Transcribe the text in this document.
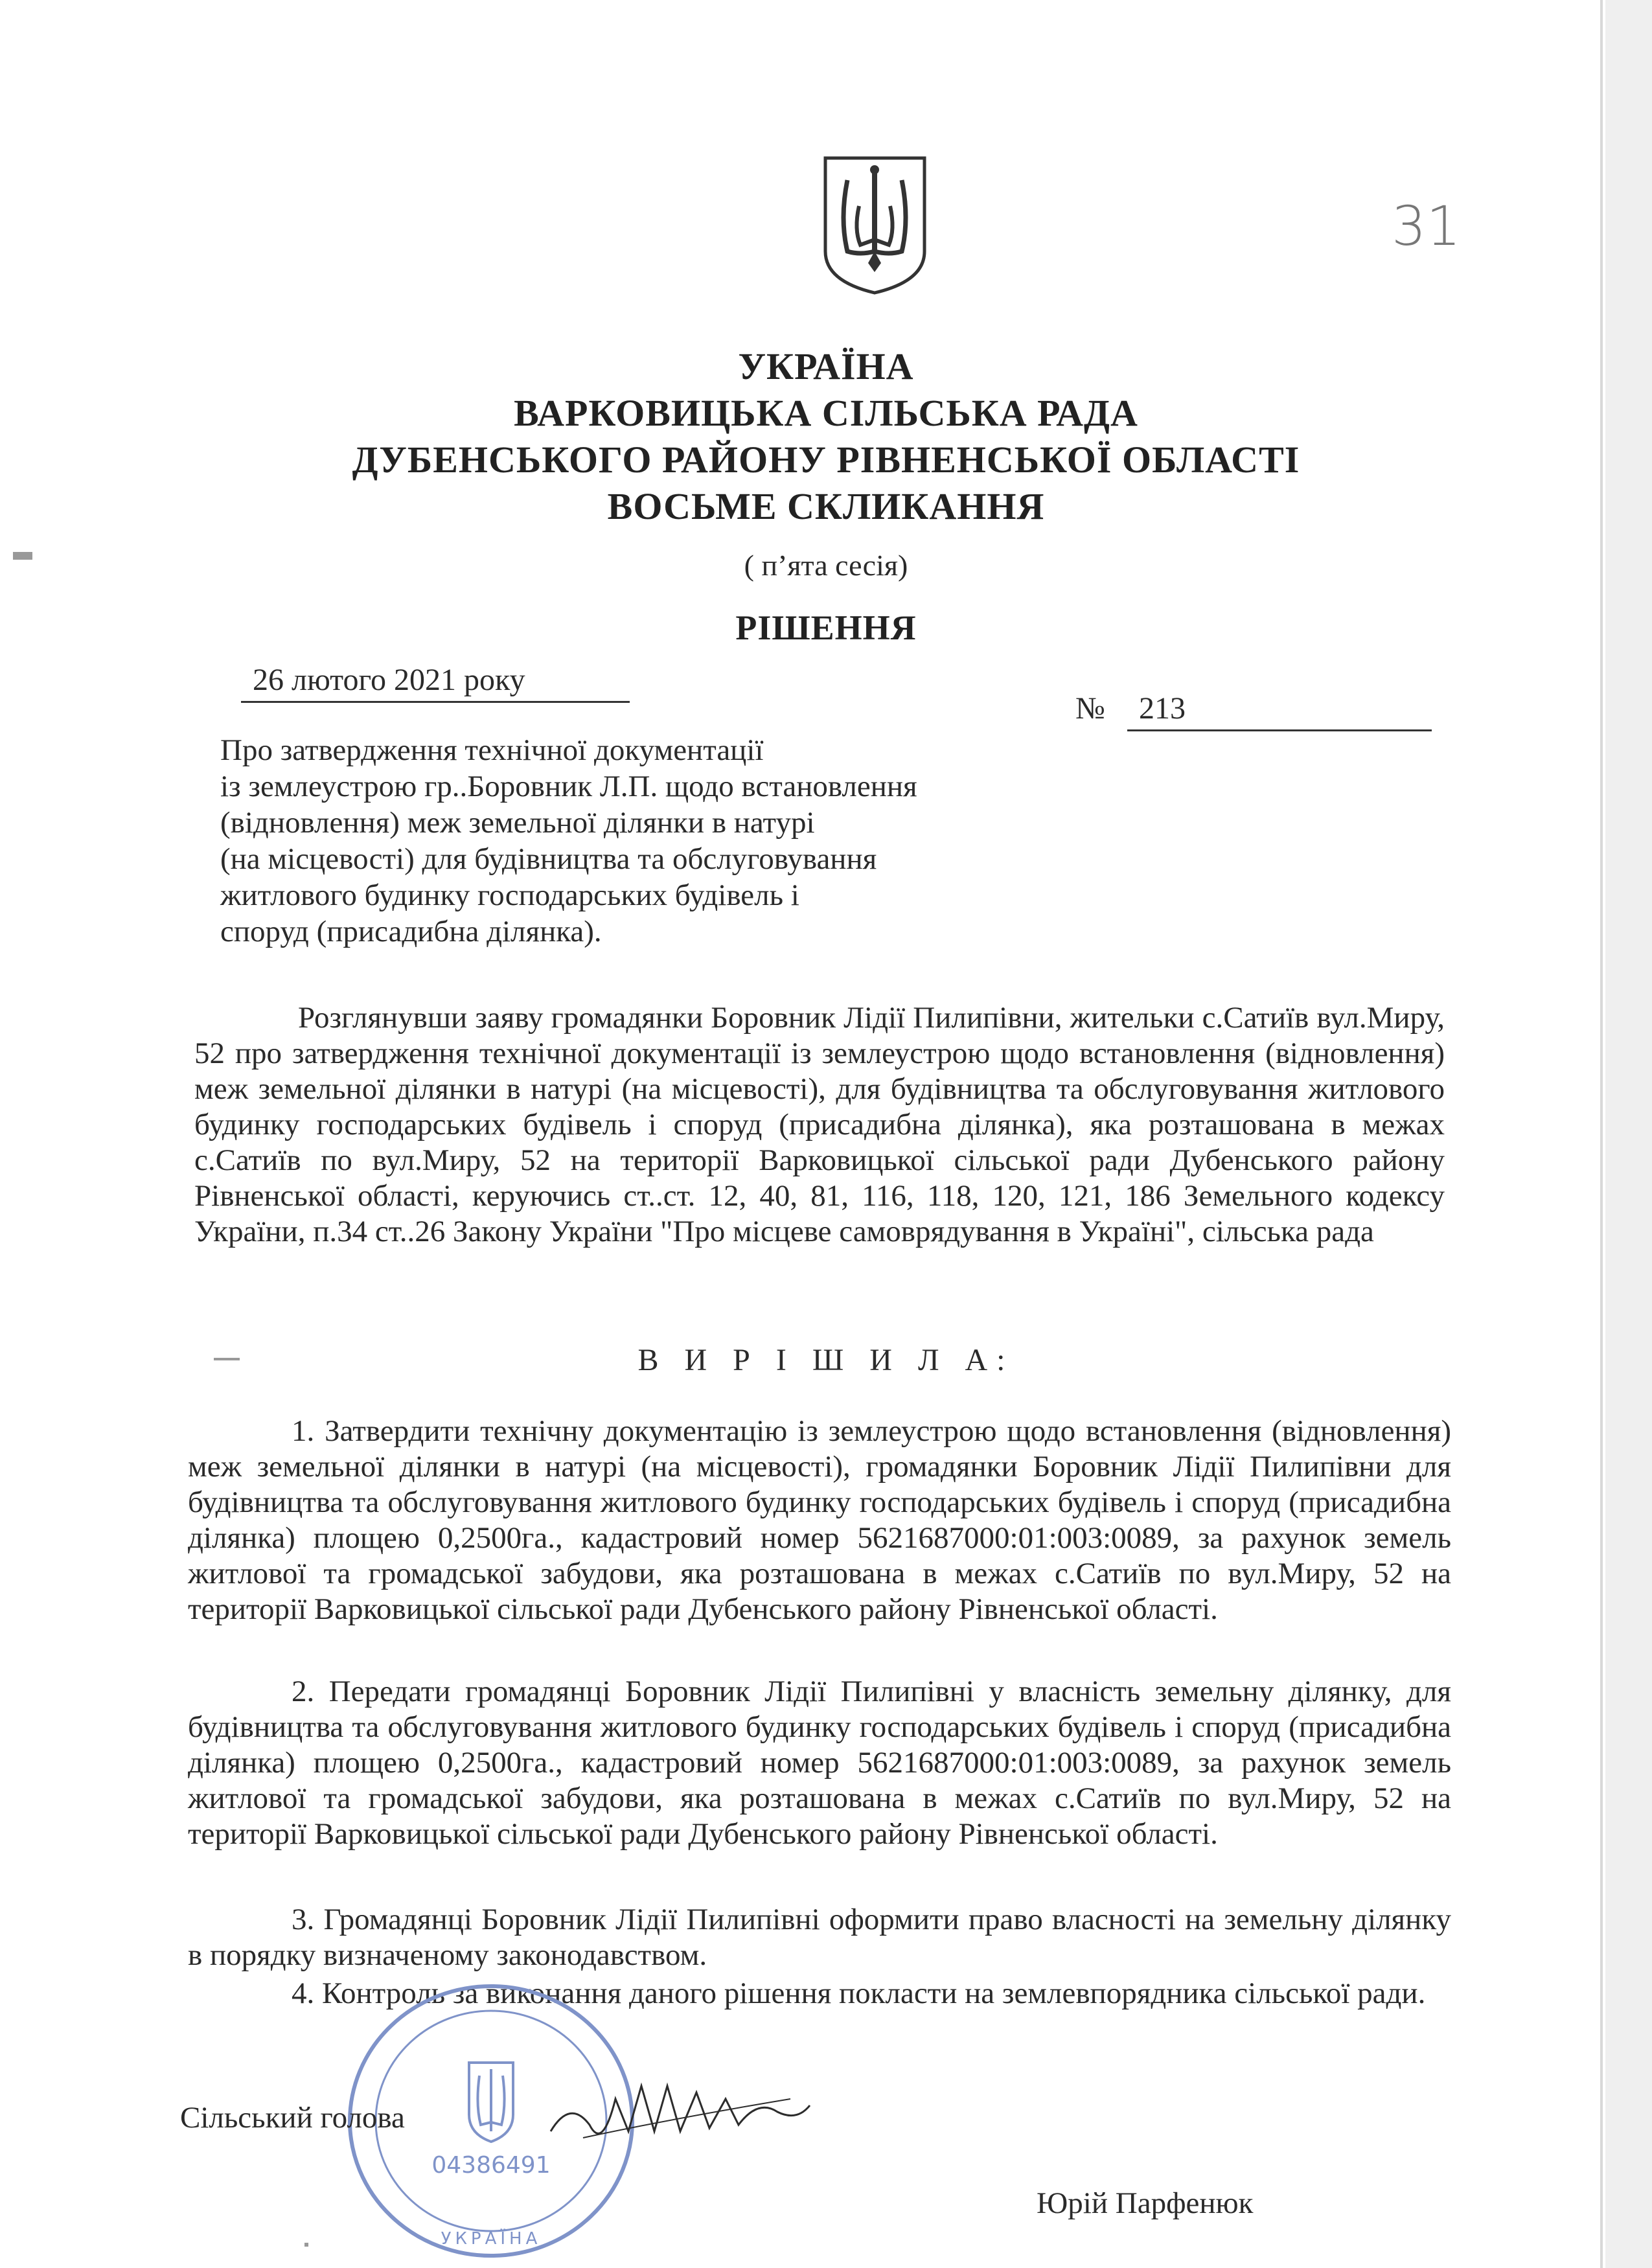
31
УКРАЇНА
ВАРКОВИЦЬКА СІЛЬСЬКА РАДА
ДУБЕНСЬКОГО РАЙОНУ РІВНЕНСЬКОЇ ОБЛАСТІ
ВОСЬМЕ СКЛИКАННЯ
( п’ята сесія)
РІШЕННЯ
26 лютого 2021 року
№ 213
Про затвердження технічної документації
із землеустрою гр..Боровник Л.П. щодо встановлення
(відновлення) меж земельної ділянки в натурі
(на місцевості) для будівництва та обслуговування
житлового будинку господарських будівель і
споруд (присадибна ділянка).
Розглянувши заяву громадянки Боровник Лідії Пилипівни, жительки с.Сатиїв вул.Миру, 52 про затвердження технічної документації із землеустрою щодо встановлення (відновлення) меж земельної ділянки в натурі (на місцевості), для будівництва та обслуговування житлового будинку господарських будівель і споруд (присадибна ділянка), яка розташована в межах с.Сатиїв по вул.Миру, 52 на території Варковицької сільської ради Дубенського району Рівненської області, керуючись ст..ст. 12, 40, 81, 116, 118, 120, 121, 186 Земельного кодексу України, п.34 ст..26 Закону України "Про місцеве самоврядування в Україні", сільська рада
В И Р І Ш И Л А:
1. Затвердити технічну документацію із землеустрою щодо встановлення (відновлення) меж земельної ділянки в натурі (на місцевості), громадянки Боровник Лідії Пилипівни для будівництва та обслуговування житлового будинку господарських будівель і споруд (присадибна ділянка) площею 0,2500га., кадастровий номер 5621687000:01:003:0089, за рахунок земель житлової та громадської забудови, яка розташована в межах с.Сатиїв по вул.Миру, 52 на території Варковицької сільської ради Дубенського району Рівненської області.
2. Передати громадянці Боровник Лідії Пилипівні у власність земельну ділянку, для будівництва та обслуговування житлового будинку господарських будівель і споруд (присадибна ділянка) площею 0,2500га., кадастровий номер 5621687000:01:003:0089, за рахунок земель житлової та громадської забудови, яка розташована в межах с.Сатиїв по вул.Миру, 52 на території Варковицької сільської ради Дубенського району Рівненської області.
3. Громадянці Боровник Лідії Пилипівні оформити право власності на земельну ділянку в порядку визначеному законодавством.
4. Контроль за виконання даного рішення покласти на землевпорядника сільської ради.
04386491
УКРАЇНА
Сільський голова
Юрій Парфенюк
